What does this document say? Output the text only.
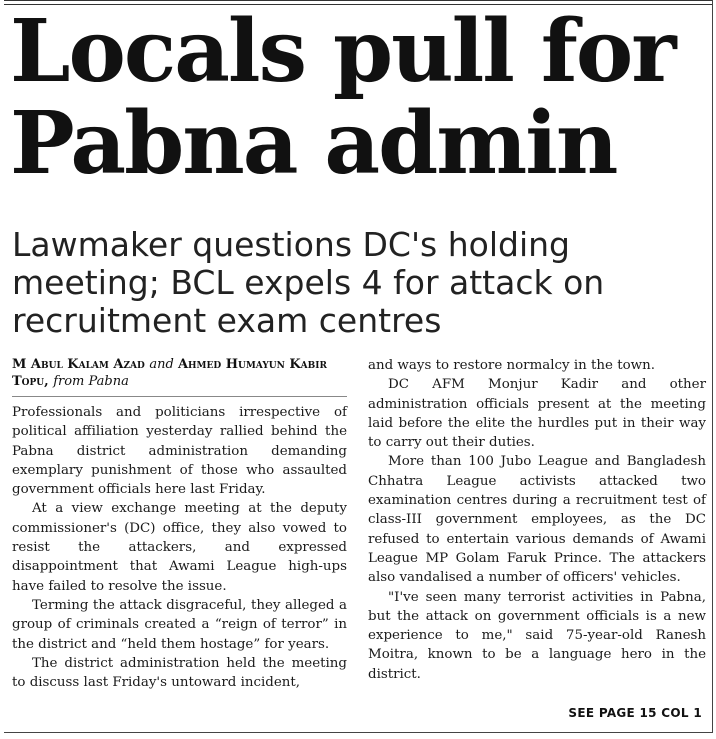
Locals pull for
Pabna admin
Lawmaker questions DC's holding
meeting; BCL expels 4 for attack on
recruitment exam centres
M Abul Kalam Azad and Ahmed Humayun Kabir Topu, from Pabna

Professionals and politicians irrespective of political affiliation yesterday rallied behind the Pabna district administration demanding exemplary punishment of those who assaulted government officials here last Friday.

At a view exchange meeting at the deputy commissioner's (DC) office, they also vowed to resist the attackers, and expressed disappointment that Awami League high-ups have failed to resolve the issue.

Terming the attack disgraceful, they alleged a group of criminals created a “reign of terror” in the district and “held them hostage” for years.

The district administration held the meeting to discuss last Friday's untoward incident,

and ways to restore normalcy in the town.

DC AFM Monjur Kadir and other administration officials present at the meeting laid before the elite the hurdles put in their way to carry out their duties.

More than 100 Jubo League and Bangladesh Chhatra League activists attacked two examination centres during a recruitment test of class-III government employees, as the DC refused to entertain various demands of Awami League MP Golam Faruk Prince. The attackers also vandalised a number of officers' vehicles.

"I've seen many terrorist activities in Pabna, but the attack on government officials is a new experience to me," said 75-year-old Ranesh Moitra, known to be a language hero in the district.

SEE PAGE 15 COL 1
